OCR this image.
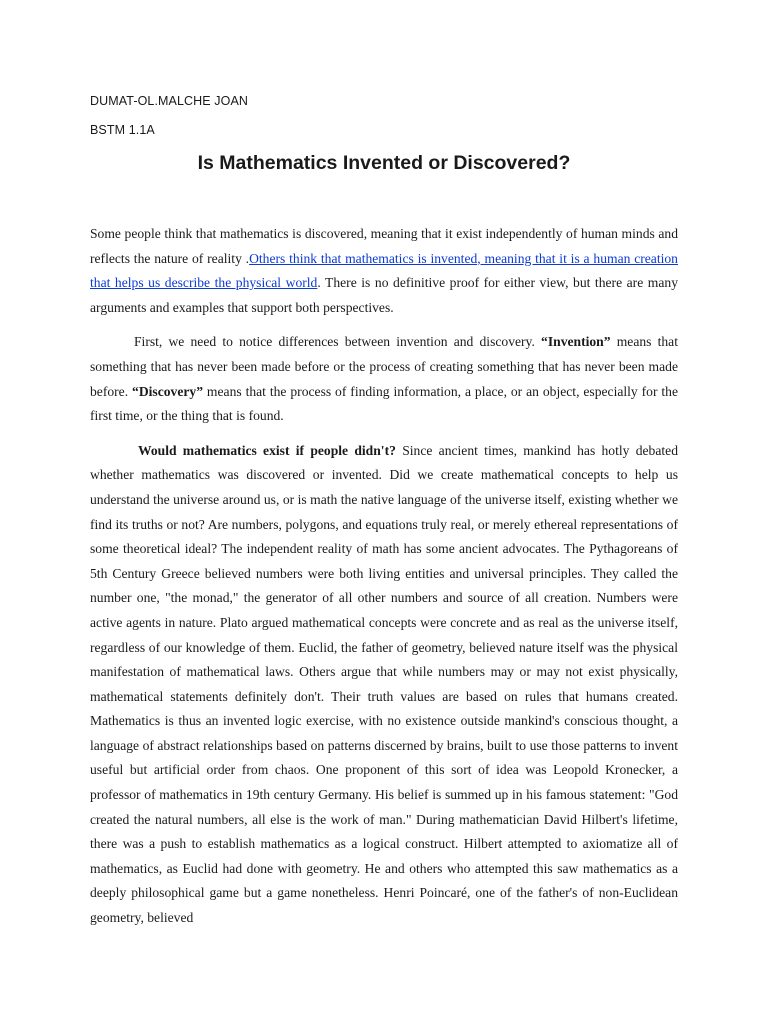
DUMAT-OL.MALCHE JOAN
BSTM 1.1A
Is Mathematics Invented or Discovered?

Some people think that mathematics is discovered, meaning that it exist independently of human minds and reflects the nature of reality .Others think that mathematics is invented, meaning that it is a human creation that helps us describe the physical world. There is no definitive proof for either view, but there are many arguments and examples that support both perspectives.

First, we need to notice differences between invention and discovery. “Invention” means that something that has never been made before or the process of creating something that has never been made before. “Discovery” means that the process of finding information, a place, or an object, especially for the first time, or the thing that is found.

Would mathematics exist if people didn't? Since ancient times, mankind has hotly debated whether mathematics was discovered or invented. Did we create mathematical concepts to help us understand the universe around us, or is math the native language of the universe itself, existing whether we find its truths or not? Are numbers, polygons, and equations truly real, or merely ethereal representations of some theoretical ideal? The independent reality of math has some ancient advocates. The Pythagoreans of 5th Century Greece believed numbers were both living entities and universal principles. They called the number one, "the monad," the generator of all other numbers and source of all creation. Numbers were active agents in nature. Plato argued mathematical concepts were concrete and as real as the universe itself, regardless of our knowledge of them. Euclid, the father of geometry, believed nature itself was the physical manifestation of mathematical laws. Others argue that while numbers may or may not exist physically, mathematical statements definitely don't. Their truth values are based on rules that humans created. Mathematics is thus an invented logic exercise, with no existence outside mankind's conscious thought, a language of abstract relationships based on patterns discerned by brains, built to use those patterns to invent useful but artificial order from chaos. One proponent of this sort of idea was Leopold Kronecker, a professor of mathematics in 19th century Germany. His belief is summed up in his famous statement: "God created the natural numbers, all else is the work of man." During mathematician David Hilbert's lifetime, there was a push to establish mathematics as a logical construct. Hilbert attempted to axiomatize all of mathematics, as Euclid had done with geometry. He and others who attempted this saw mathematics as a deeply philosophical game but a game nonetheless. Henri Poincaré, one of the father's of non-Euclidean geometry, believed
